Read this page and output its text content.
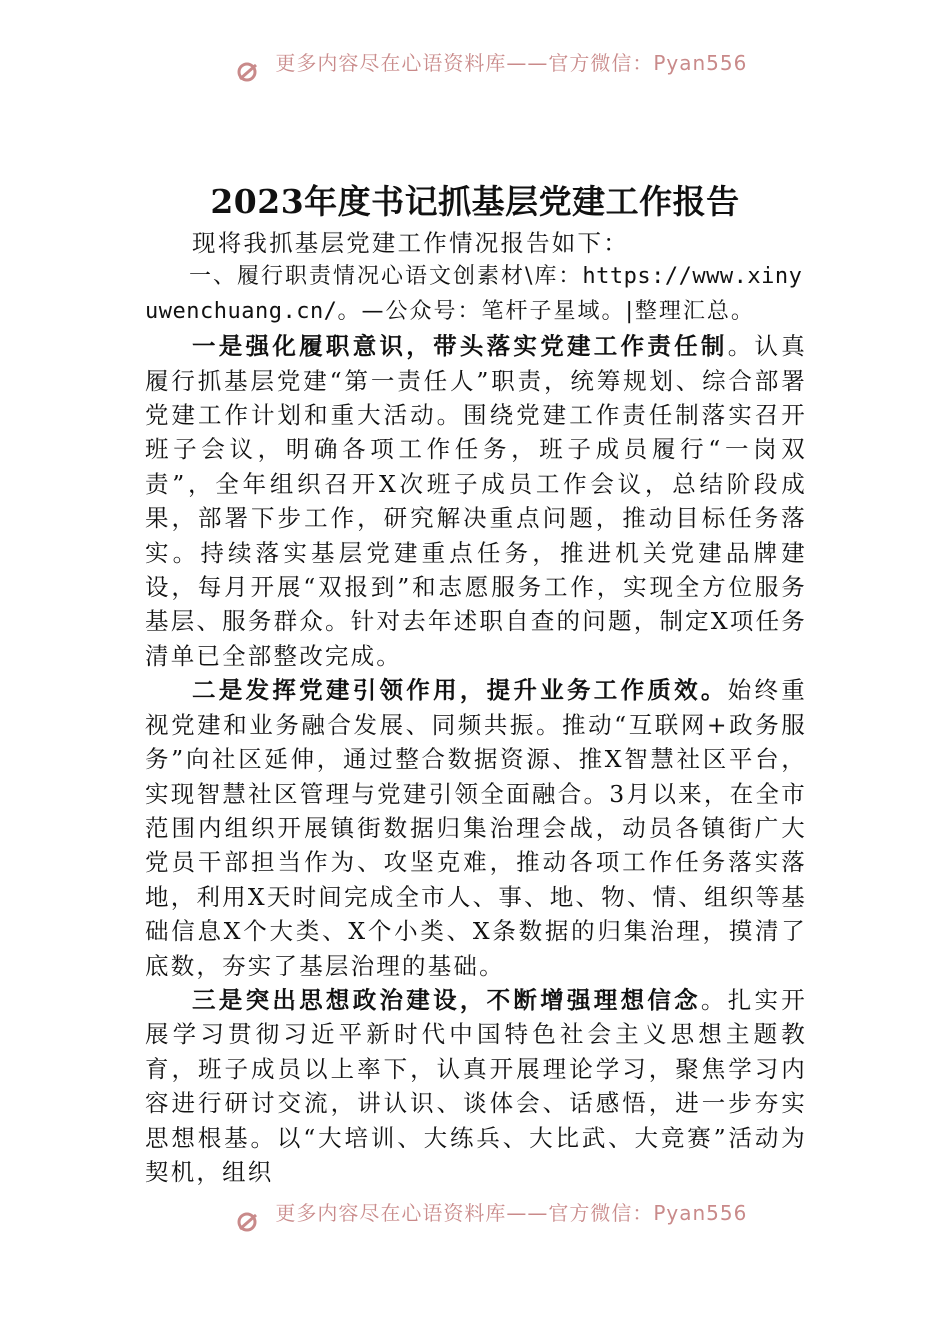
更多内容尽在心语资料库——官方微信：Pyan556
2023年度书记抓基层党建工作报告

现将我抓基层党建工作情况报告如下：

一、履行职责情况心语文创素材\库：https://www.xinyuwenchuang.cn/。—公众号：笔杆子星域。|整理汇总。

一是强化履职意识，带头落实党建工作责任制。认真履行抓基层党建“第一责任人”职责，统筹规划、综合部署党建工作计划和重大活动。围绕党建工作责任制落实召开班子会议，明确各项工作任务，班子成员履行“一岗双责”，全年组织召开X次班子成员工作会议，总结阶段成果，部署下步工作，研究解决重点问题，推动目标任务落实。持续落实基层党建重点任务，推进机关党建品牌建设，每月开展“双报到”和志愿服务工作，实现全方位服务基层、服务群众。针对去年述职自查的问题，制定X项任务清单已全部整改完成。

二是发挥党建引领作用，提升业务工作质效。始终重视党建和业务融合发展、同频共振。推动“互联网+政务服务”向社区延伸，通过整合数据资源、推X智慧社区平台，实现智慧社区管理与党建引领全面融合。3月以来，在全市范围内组织开展镇街数据归集治理会战，动员各镇街广大党员干部担当作为、攻坚克难，推动各项工作任务落实落地，利用X天时间完成全市人、事、地、物、情、组织等基础信息X个大类、X个小类、X条数据的归集治理，摸清了底数，夯实了基层治理的基础。

三是突出思想政治建设，不断增强理想信念。扎实开展学习贯彻习近平新时代中国特色社会主义思想主题教育，班子成员以上率下，认真开展理论学习，聚焦学习内容进行研讨交流，讲认识、谈体会、话感悟，进一步夯实思想根基。以“大培训、大练兵、大比武、大竞赛”活动为契机，组织

更多内容尽在心语资料库——官方微信：Pyan556
